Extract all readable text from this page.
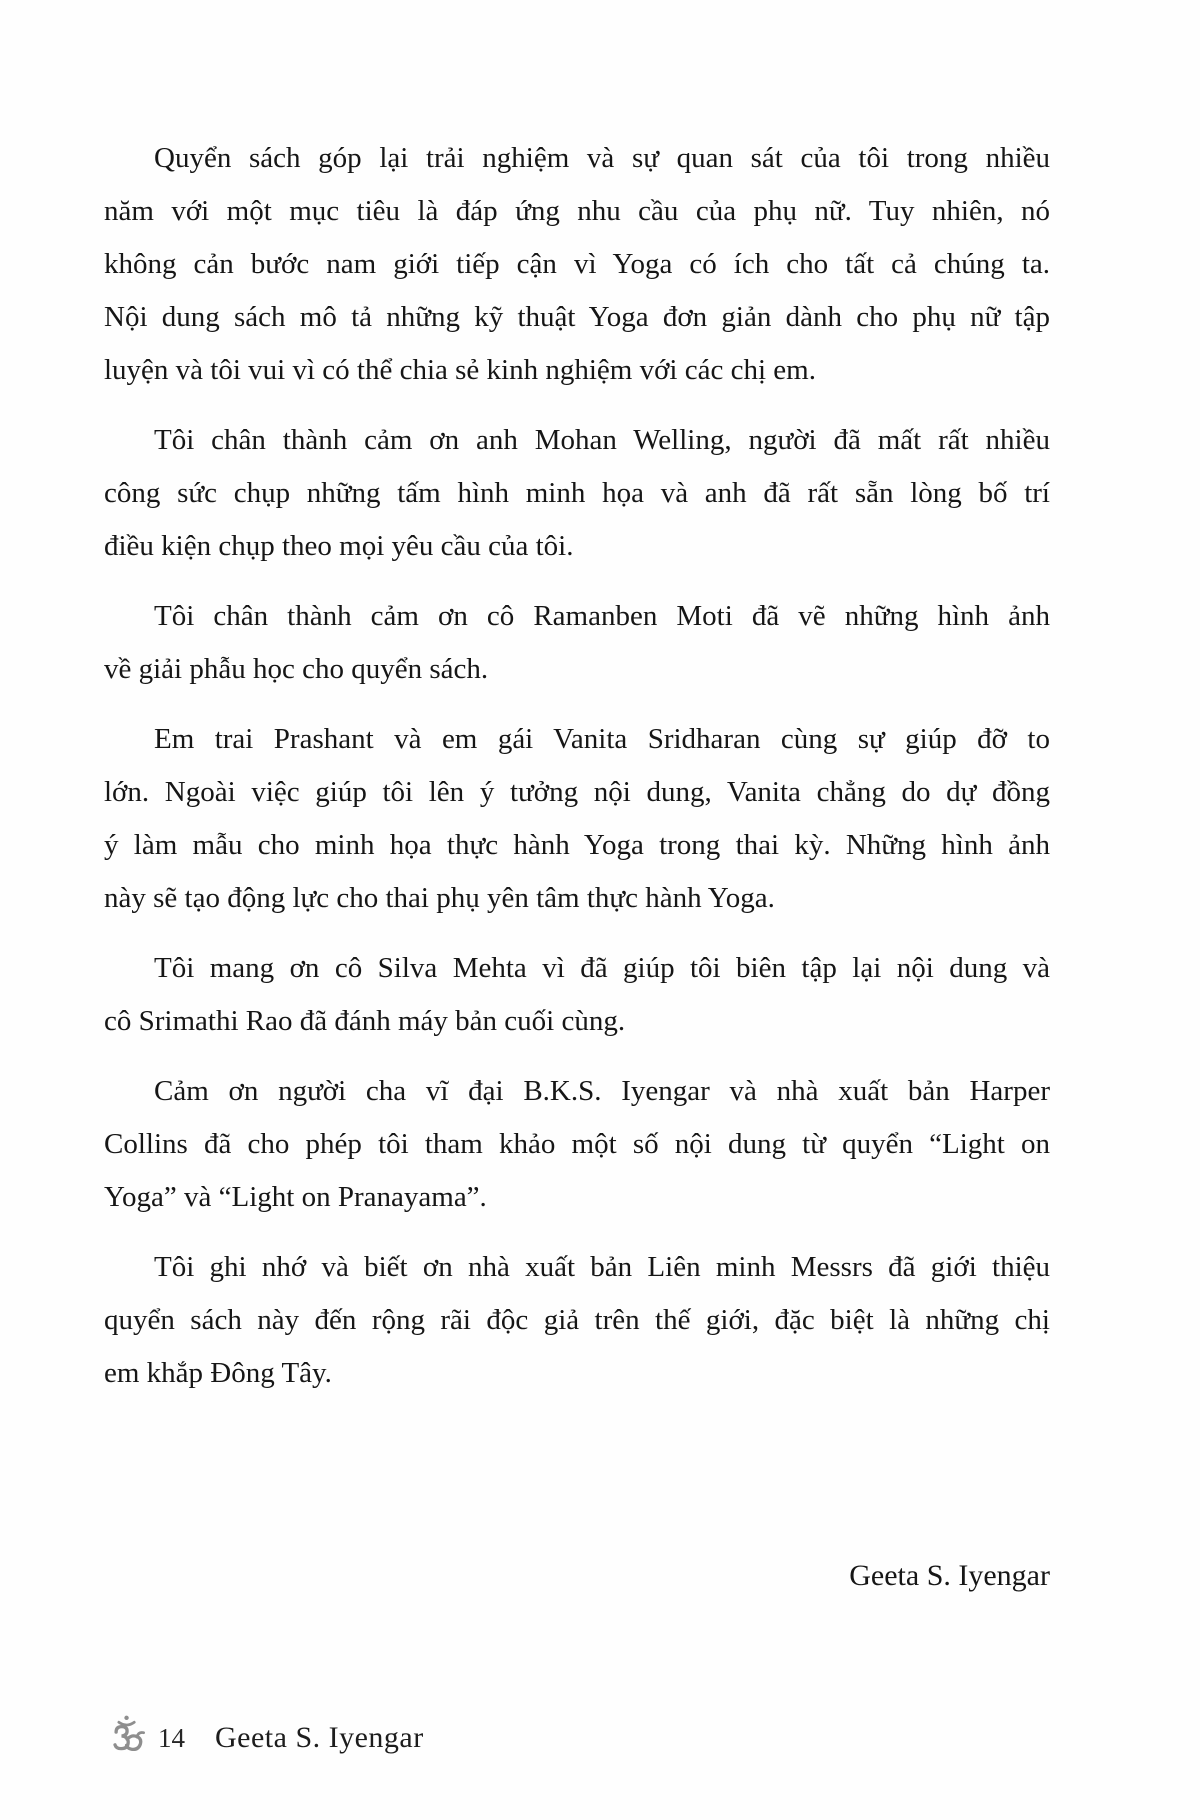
Quyển sách góp lại trải nghiệm và sự quan sát của tôi trong nhiều
năm với một mục tiêu là đáp ứng nhu cầu của phụ nữ. Tuy nhiên, nó
không cản bước nam giới tiếp cận vì Yoga có ích cho tất cả chúng ta.
Nội dung sách mô tả những kỹ thuật Yoga đơn giản dành cho phụ nữ tập
luyện và tôi vui vì có thể chia sẻ kinh nghiệm với các chị em.

Tôi chân thành cảm ơn anh Mohan Welling, người đã mất rất nhiều
công sức chụp những tấm hình minh họa và anh đã rất sẵn lòng bố trí
điều kiện chụp theo mọi yêu cầu của tôi.

Tôi chân thành cảm ơn cô Ramanben Moti đã vẽ những hình ảnh
về giải phẫu học cho quyển sách.

Em trai Prashant và em gái Vanita Sridharan cùng sự giúp đỡ to
lớn. Ngoài việc giúp tôi lên ý tưởng nội dung, Vanita chẳng do dự đồng
ý làm mẫu cho minh họa thực hành Yoga trong thai kỳ. Những hình ảnh
này sẽ tạo động lực cho thai phụ yên tâm thực hành Yoga.

Tôi mang ơn cô Silva Mehta vì đã giúp tôi biên tập lại nội dung và
cô Srimathi Rao đã đánh máy bản cuối cùng.

Cảm ơn người cha vĩ đại B.K.S. Iyengar và nhà xuất bản Harper
Collins đã cho phép tôi tham khảo một số nội dung từ quyển “Light on
Yoga” và “Light on Pranayama”.

Tôi ghi nhớ và biết ơn nhà xuất bản Liên minh Messrs đã giới thiệu
quyển sách này đến rộng rãi độc giả trên thế giới, đặc biệt là những chị
em khắp Đông Tây.

Geeta S. Iyengar
14 Geeta S. Iyengar
